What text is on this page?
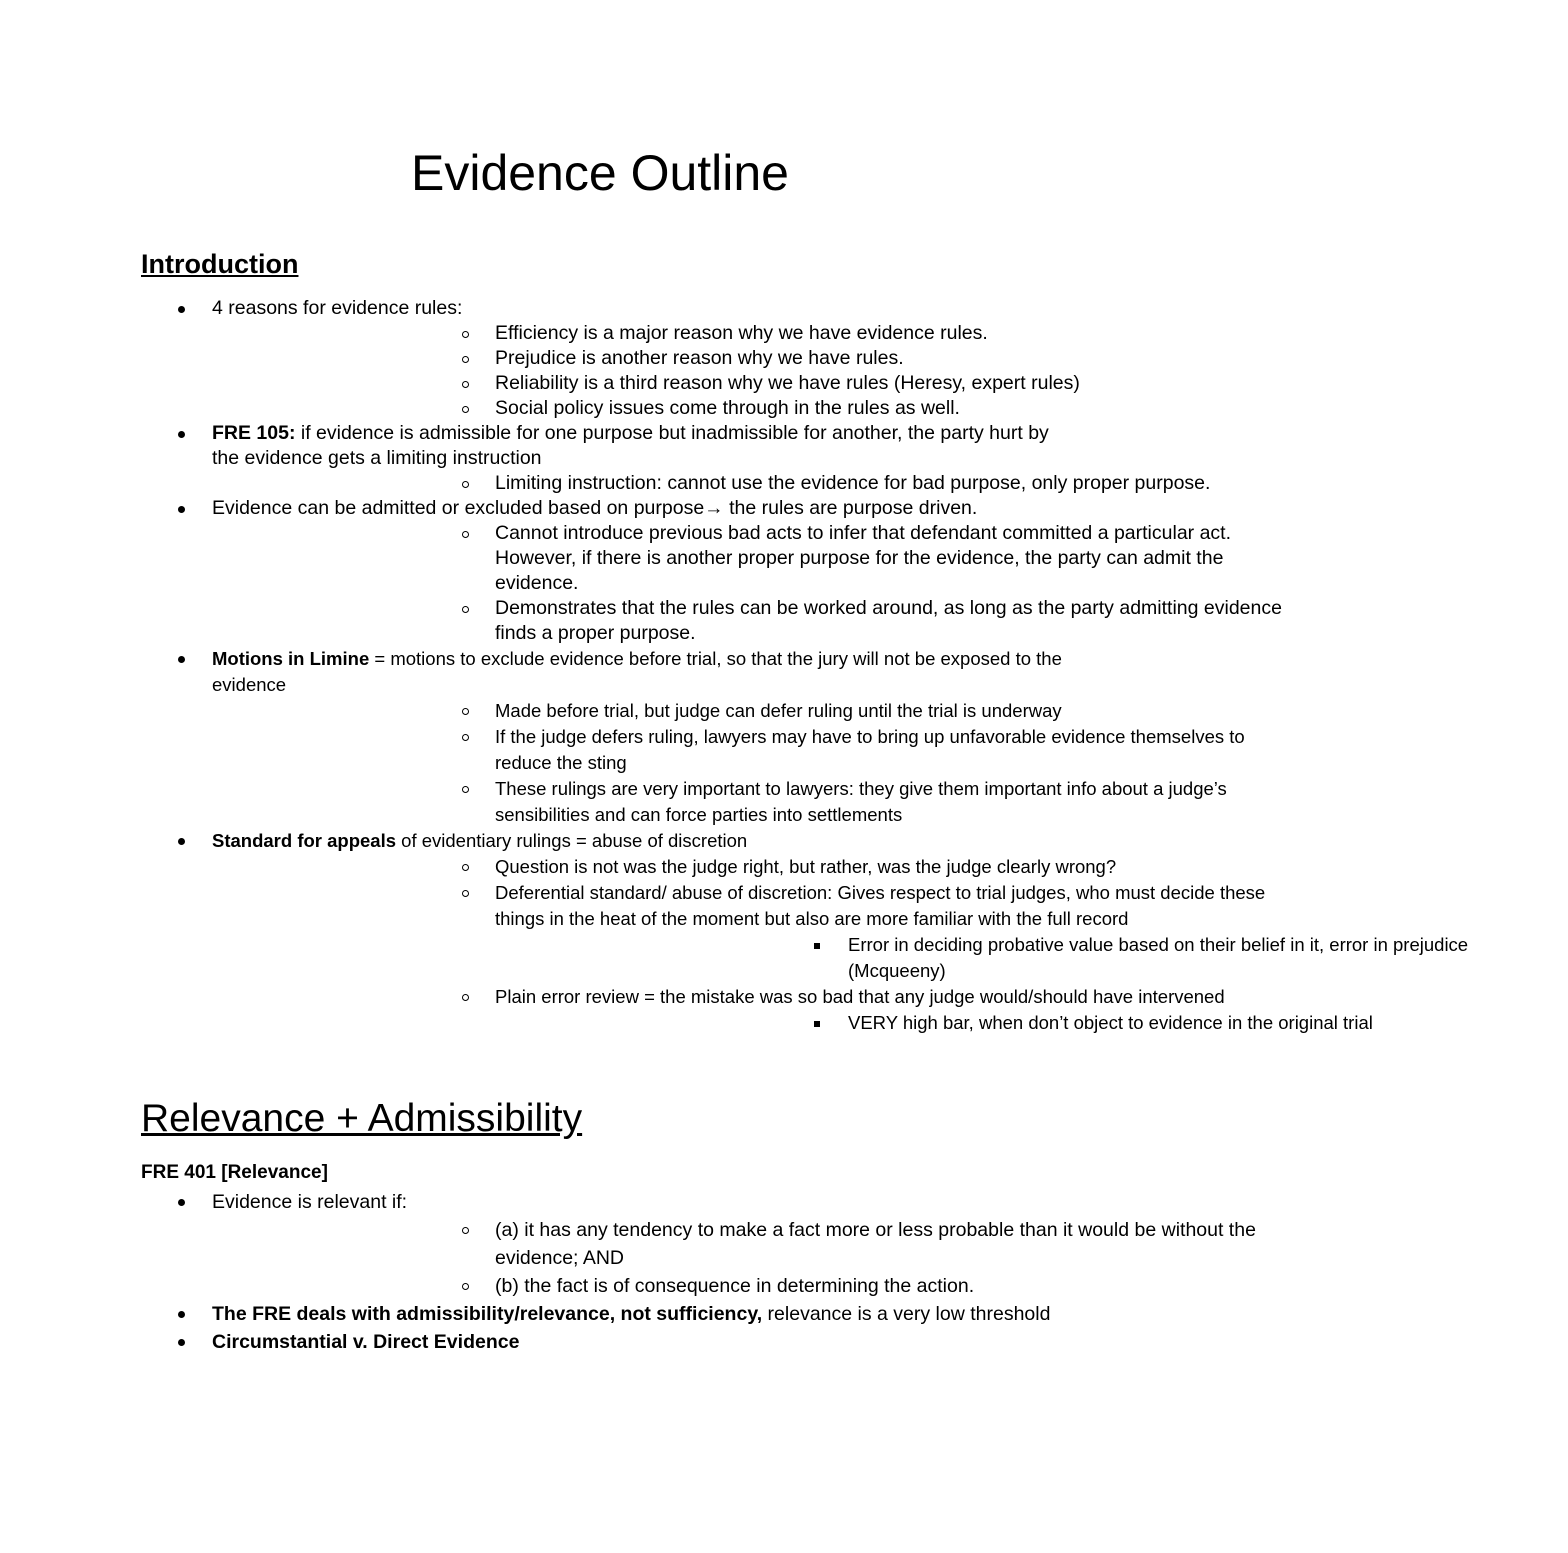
Evidence Outline
Introduction
4 reasons for evidence rules:
Efficiency is a major reason why we have evidence rules.
Prejudice is another reason why we have rules.
Reliability is a third reason why we have rules (Heresy, expert rules)
Social policy issues come through in the rules as well.
FRE 105: if evidence is admissible for one purpose but inadmissible for another, the party hurt by the evidence gets a limiting instruction
Limiting instruction: cannot use the evidence for bad purpose, only proper purpose.
Evidence can be admitted or excluded based on purpose→ the rules are purpose driven.
Cannot introduce previous bad acts to infer that defendant committed a particular act. However, if there is another proper purpose for the evidence, the party can admit the evidence.
Demonstrates that the rules can be worked around, as long as the party admitting evidence finds a proper purpose.
Motions in Limine = motions to exclude evidence before trial, so that the jury will not be exposed to the evidence
Made before trial, but judge can defer ruling until the trial is underway
If the judge defers ruling, lawyers may have to bring up unfavorable evidence themselves to reduce the sting
These rulings are very important to lawyers: they give them important info about a judge’s sensibilities and can force parties into settlements
Standard for appeals of evidentiary rulings = abuse of discretion
Question is not was the judge right, but rather, was the judge clearly wrong?
Deferential standard/ abuse of discretion: Gives respect to trial judges, who must decide these things in the heat of the moment but also are more familiar with the full record
Error in deciding probative value based on their belief in it, error in prejudice (Mcqueeny)
Plain error review = the mistake was so bad that any judge would/should have intervened
VERY high bar, when don’t object to evidence in the original trial
Relevance + Admissibility
FRE 401 [Relevance]
Evidence is relevant if:
(a) it has any tendency to make a fact more or less probable than it would be without the evidence; AND
(b) the fact is of consequence in determining the action.
The FRE deals with admissibility/relevance, not sufficiency, relevance is a very low threshold
Circumstantial v. Direct Evidence
